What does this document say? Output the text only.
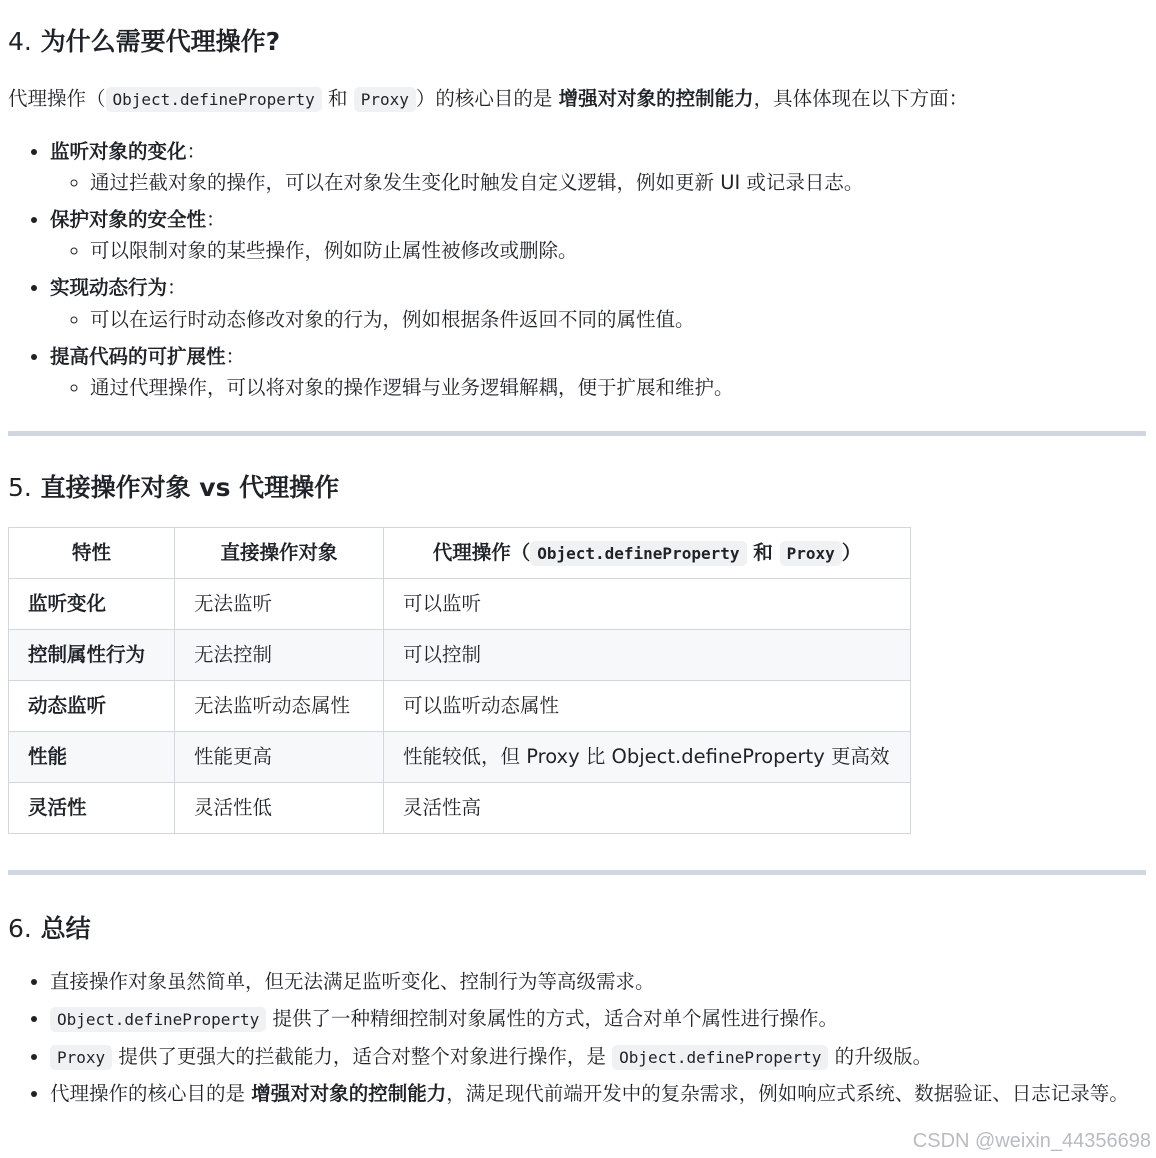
4. 为什么需要代理操作?

代理操作（ Object.defineProperty 和 Proxy ）的核心目的是 增强对对象的控制能力，具体体现在以下方面：

• 监听对象的变化：
◦ 通过拦截对象的操作，可以在对象发生变化时触发自定义逻辑，例如更新 UI 或记录日志。
• 保护对象的安全性：
◦ 可以限制对象的某些操作，例如防止属性被修改或删除。
• 实现动态行为：
◦ 可以在运行时动态修改对象的行为，例如根据条件返回不同的属性值。
• 提高代码的可扩展性：
◦ 通过代理操作，可以将对象的操作逻辑与业务逻辑解耦，便于扩展和维护。
5. 直接操作对象 vs 代理操作
特性	直接操作对象	代理操作（ Object.defineProperty 和 Proxy ）
监听变化	无法监听	可以监听
控制属性行为	无法控制	可以控制
动态监听	无法监听动态属性	可以监听动态属性
性能	性能更高	性能较低，但 Proxy 比 Object.defineProperty 更高效
灵活性	灵活性低	灵活性高
6. 总结
• 直接操作对象虽然简单，但无法满足监听变化、控制行为等高级需求。
• Object.defineProperty 提供了一种精细控制对象属性的方式，适合对单个属性进行操作。
• Proxy 提供了更强大的拦截能力，适合对整个对象进行操作，是 Object.defineProperty 的升级版。
• 代理操作的核心目的是 增强对对象的控制能力，满足现代前端开发中的复杂需求，例如响应式系统、数据验证、日志记录等。
CSDN @weixin_44356698
